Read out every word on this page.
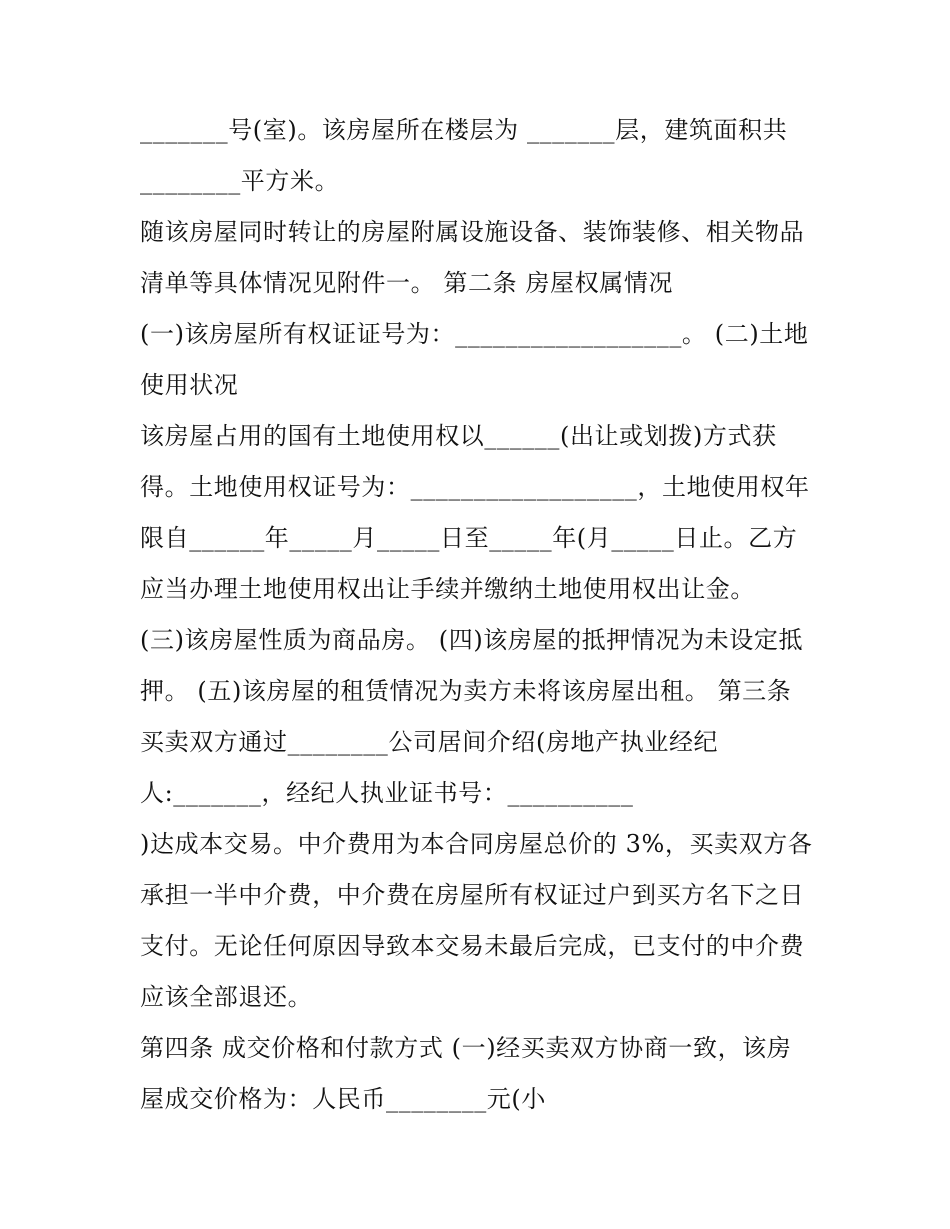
_______号(室)。该房屋所在楼层为 _______层，建筑面积共
________平方米。
随该房屋同时转让的房屋附属设施设备、装饰装修、相关物品
清单等具体情况见附件一。 第二条 房屋权属情况
(一)该房屋所有权证证号为：__________________。 (二)土地
使用状况
该房屋占用的国有土地使用权以______(出让或划拨)方式获
得。土地使用权证号为：__________________，土地使用权年
限自______年_____月_____日至_____年(月_____日止。乙方
应当办理土地使用权出让手续并缴纳土地使用权出让金。
(三)该房屋性质为商品房。 (四)该房屋的抵押情况为未设定抵
押。 (五)该房屋的租赁情况为卖方未将该房屋出租。 第三条
买卖双方通过________公司居间介绍(房地产执业经纪
人:_______，经纪人执业证书号：__________
)达成本交易。中介费用为本合同房屋总价的 3%，买卖双方各
承担一半中介费，中介费在房屋所有权证过户到买方名下之日
支付。无论任何原因导致本交易未最后完成，已支付的中介费
应该全部退还。
第四条 成交价格和付款方式 (一)经买卖双方协商一致，该房
屋成交价格为：人民币________元(小
